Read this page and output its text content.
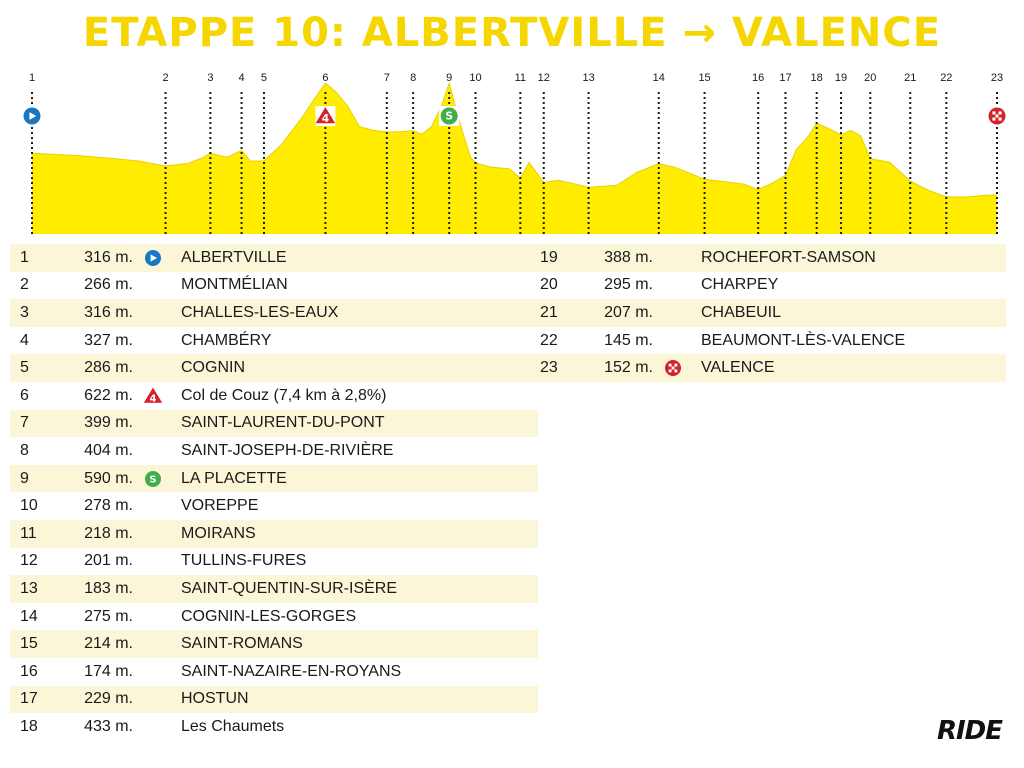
ETAPPE 10: ALBERTVILLE → VALENCE
1	2	3 4 5	6	7 8	9 10	11 12	13	14	15	16 17 18 19 20	21 22	23
4	S
1	316 m.	ALBERTVILLE
2	266 m.	MONTMÉLIAN
3	316 m.	CHALLES-LES-EAUX
4	327 m.	CHAMBÉRY
5	286 m.	COGNIN
6	622 m. 4 Col de Couz (7,4 km à 2,8%)
7	399 m.	SAINT-LAURENT-DU-PONT
8	404 m.	SAINT-JOSEPH-DE-RIVIÈRE
9	590 m. S LA PLACETTE
10	278 m.	VOREPPE
11	218 m.	MOIRANS
12	201 m.	TULLINS-FURES
13	183 m.	SAINT-QUENTIN-SUR-ISÈRE
14	275 m.	COGNIN-LES-GORGES
15	214 m.	SAINT-ROMANS
16	174 m.	SAINT-NAZAIRE-EN-ROYANS
17	229 m.	HOSTUN
18	433 m.	Les Chaumets
19	388 m.	ROCHEFORT-SAMSON
20	295 m.	CHARPEY
21	207 m.	CHABEUIL
22	145 m.	BEAUMONT-LÈS-VALENCE
23	152 m.	VALENCE
RIDE
